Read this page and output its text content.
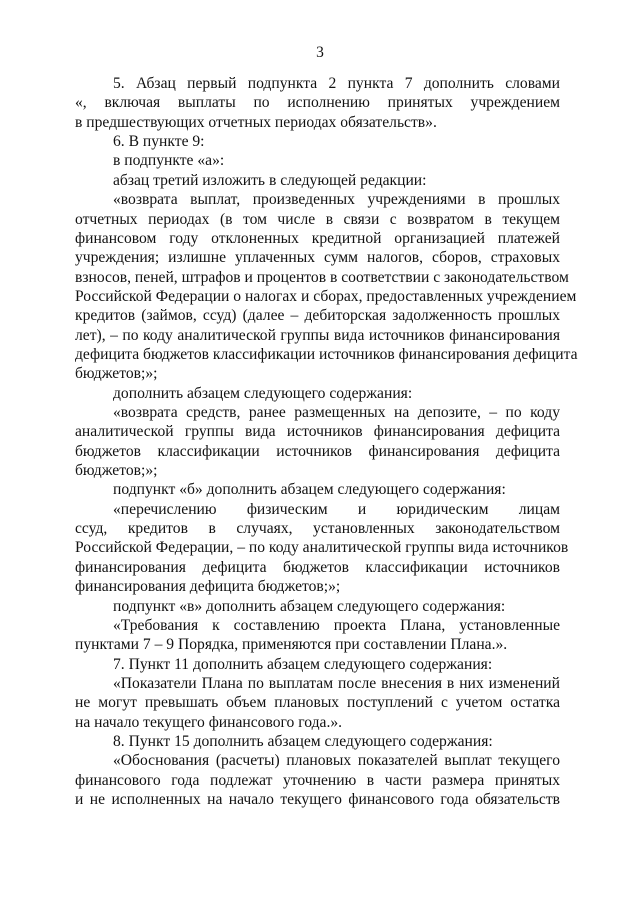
3
5. Абзац первый подпункта 2 пункта 7 дополнить словами
«, включая выплаты по исполнению принятых учреждением
в предшествующих отчетных периодах обязательств».
6. В пункте 9:
в подпункте «а»:
абзац третий изложить в следующей редакции:
«возврата выплат, произведенных учреждениями в прошлых
отчетных периодах (в том числе в связи с возвратом в текущем
финансовом году отклоненных кредитной организацией платежей
учреждения; излишне уплаченных сумм налогов, сборов, страховых
взносов, пеней, штрафов и процентов в соответствии с законодательством
Российской Федерации о налогах и сборах, предоставленных учреждением
кредитов (займов, ссуд) (далее – дебиторская задолженность прошлых
лет), – по коду аналитической группы вида источников финансирования
дефицита бюджетов классификации источников финансирования дефицита
бюджетов;»;
дополнить абзацем следующего содержания:
«возврата средств, ранее размещенных на депозите, – по коду
аналитической группы вида источников финансирования дефицита
бюджетов классификации источников финансирования дефицита
бюджетов;»;
подпункт «б» дополнить абзацем следующего содержания:
«перечислению физическим и юридическим лицам
ссуд, кредитов в случаях, установленных законодательством
Российской Федерации, – по коду аналитической группы вида источников
финансирования дефицита бюджетов классификации источников
финансирования дефицита бюджетов;»;
подпункт «в» дополнить абзацем следующего содержания:
«Требования к составлению проекта Плана, установленные
пунктами 7 – 9 Порядка, применяются при составлении Плана.».
7. Пункт 11 дополнить абзацем следующего содержания:
«Показатели Плана по выплатам после внесения в них изменений
не могут превышать объем плановых поступлений с учетом остатка
на начало текущего финансового года.».
8. Пункт 15 дополнить абзацем следующего содержания:
«Обоснования (расчеты) плановых показателей выплат текущего
финансового года подлежат уточнению в части размера принятых
и не исполненных на начало текущего финансового года обязательств
